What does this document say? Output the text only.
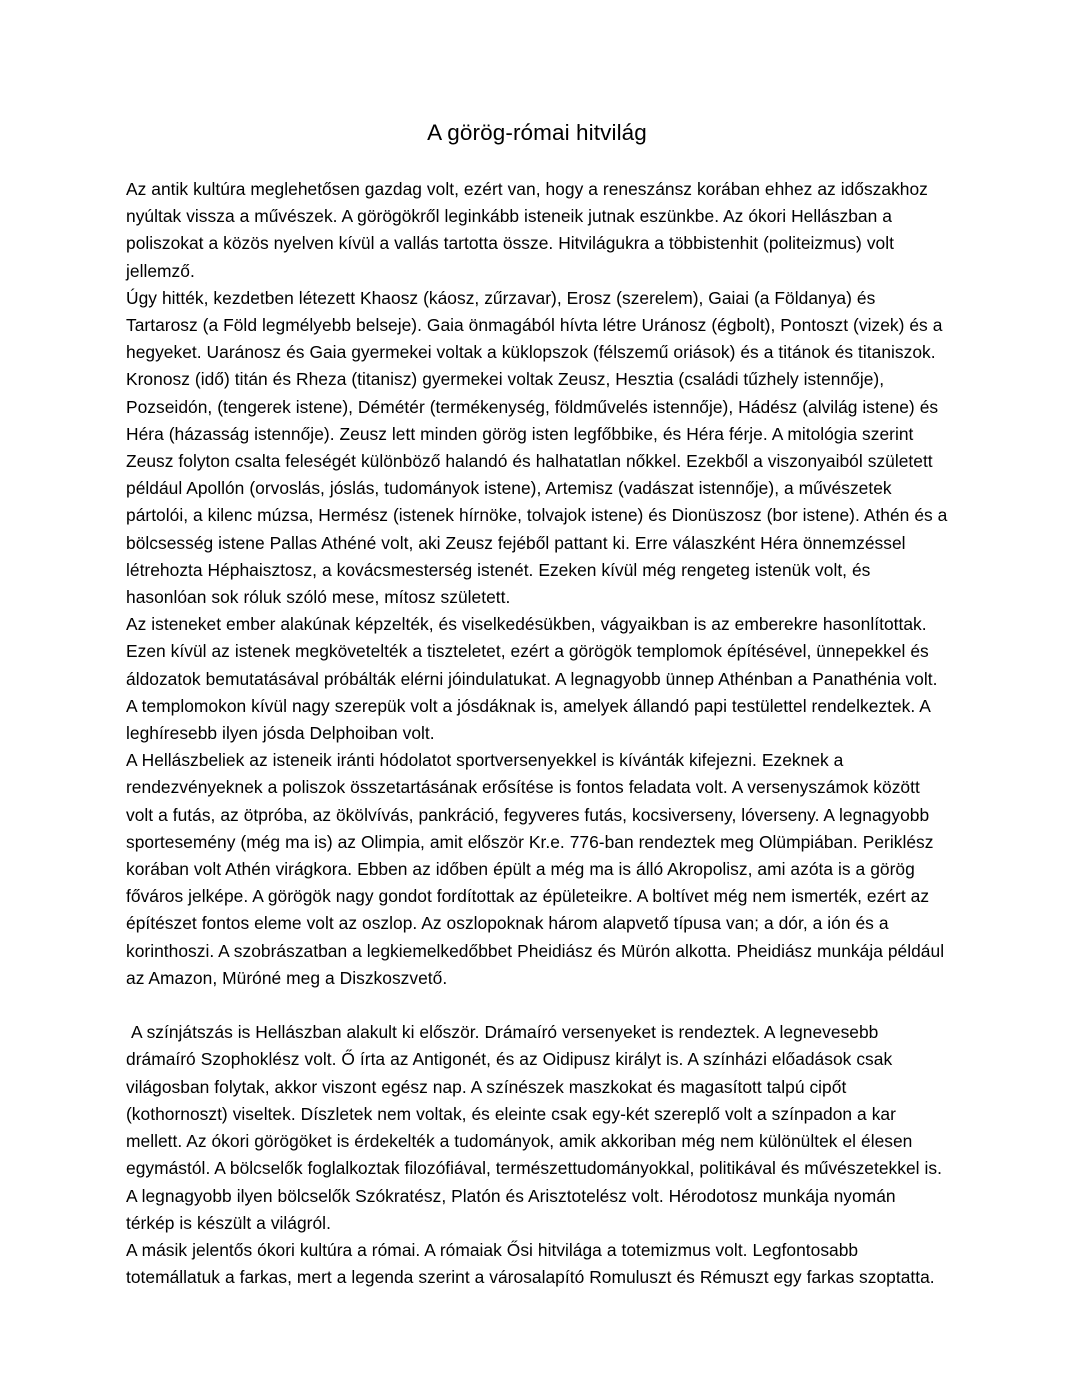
A görög-római hitvilág

Az antik kultúra meglehetősen gazdag volt, ezért van, hogy a reneszánsz korában ehhez az időszakhoz nyúltak vissza a művészek. A görögökről leginkább isteneik jutnak eszünkbe. Az ókori Hellászban a poliszokat a közös nyelven kívül a vallás tartotta össze. Hitvilágukra a többistenhit (politeizmus) volt jellemző.

Úgy hitték, kezdetben létezett Khaosz (káosz, zűrzavar), Erosz (szerelem), Gaiai (a Földanya) és Tartarosz (a Föld legmélyebb belseje). Gaia önmagából hívta létre Uránosz (égbolt), Pontoszt (vizek) és a hegyeket. Uaránosz és Gaia gyermekei voltak a küklopszok (félszemű oriások) és a titánok és titaniszok. Kronosz (idő) titán és Rheza (titanisz) gyermekei voltak Zeusz, Hesztia (családi tűzhely istennője), Pozseidón, (tengerek istene), Démétér (termékenység, földművelés istennője), Hádész (alvilág istene) és Héra (házasság istennője). Zeusz lett minden görög isten legfőbbike, és Héra férje. A mitológia szerint Zeusz folyton csalta feleségét különböző halandó és halhatatlan nőkkel. Ezekből a viszonyaiból született például Apollón (orvoslás, jóslás, tudományok istene), Artemisz (vadászat istennője), a művészetek pártolói, a kilenc múzsa, Hermész (istenek hírnöke, tolvajok istene) és Dionüszosz (bor istene). Athén és a bölcsesség istene Pallas Athéné volt, aki Zeusz fejéből pattant ki. Erre válaszként Héra önnemzéssel létrehozta Héphaisztosz, a kovácsmesterség istenét. Ezeken kívül még rengeteg istenük volt, és hasonlóan sok róluk szóló mese, mítosz született.

Az isteneket ember alakúnak képzelték, és viselkedésükben, vágyaikban is az emberekre hasonlítottak. Ezen kívül az istenek megkövetelték a tiszteletet, ezért a görögök templomok építésével, ünnepekkel és áldozatok bemutatásával próbálták elérni jóindulatukat. A legnagyobb ünnep Athénban a Panathénia volt. A templomokon kívül nagy szerepük volt a jósdáknak is, amelyek állandó papi testülettel rendelkeztek. A leghíresebb ilyen jósda Delphoiban volt.

A Hellászbeliek az isteneik iránti hódolatot sportversenyekkel is kívánták kifejezni. Ezeknek a rendezvényeknek a poliszok összetartásának erősítése is fontos feladata volt. A versenyszámok között volt a futás, az ötpróba, az ökölvívás, pankráció, fegyveres futás, kocsiverseny, lóverseny. A legnagyobb sportesemény (még ma is) az Olimpia, amit először Kr.e. 776-ban rendeztek meg Olümpiában. Periklész korában volt Athén virágkora. Ebben az időben épült a még ma is álló Akropolisz, ami azóta is a görög főváros jelképe. A görögök nagy gondot fordítottak az épületeikre. A boltívet még nem ismerték, ezért az építészet fontos eleme volt az oszlop. Az oszlopoknak három alapvető típusa van; a dór, a ión és a korinthoszi. A szobrászatban a legkiemelkedőbbet Pheidiász és Mürón alkotta. Pheidiász munkája például az Amazon, Müróné meg a Diszkoszvető.

A színjátszás is Hellászban alakult ki először. Drámaíró versenyeket is rendeztek. A legnevesebb drámaíró Szophoklész volt. Ő írta az Antigonét, és az Oidipusz királyt is. A színházi előadások csak világosban folytak, akkor viszont egész nap. A színészek maszkokat és magasított talpú cipőt (kothornoszt) viseltek. Díszletek nem voltak, és eleinte csak egy-két szereplő volt a színpadon a kar mellett. Az ókori görögöket is érdekelték a tudományok, amik akkoriban még nem különültek el élesen egymástól. A bölcselők foglalkoztak filozófiával, természettudományokkal, politikával és művészetekkel is. A legnagyobb ilyen bölcselők Szókratész, Platón és Arisztotelész volt. Hérodotosz munkája nyomán térkép is készült a világról.

A másik jelentős ókori kultúra a római. A rómaiak Ősi hitvilága a totemizmus volt. Legfontosabb totemállatuk a farkas, mert a legenda szerint a városalapító Romuluszt és Rémuszt egy farkas szoptatta.
